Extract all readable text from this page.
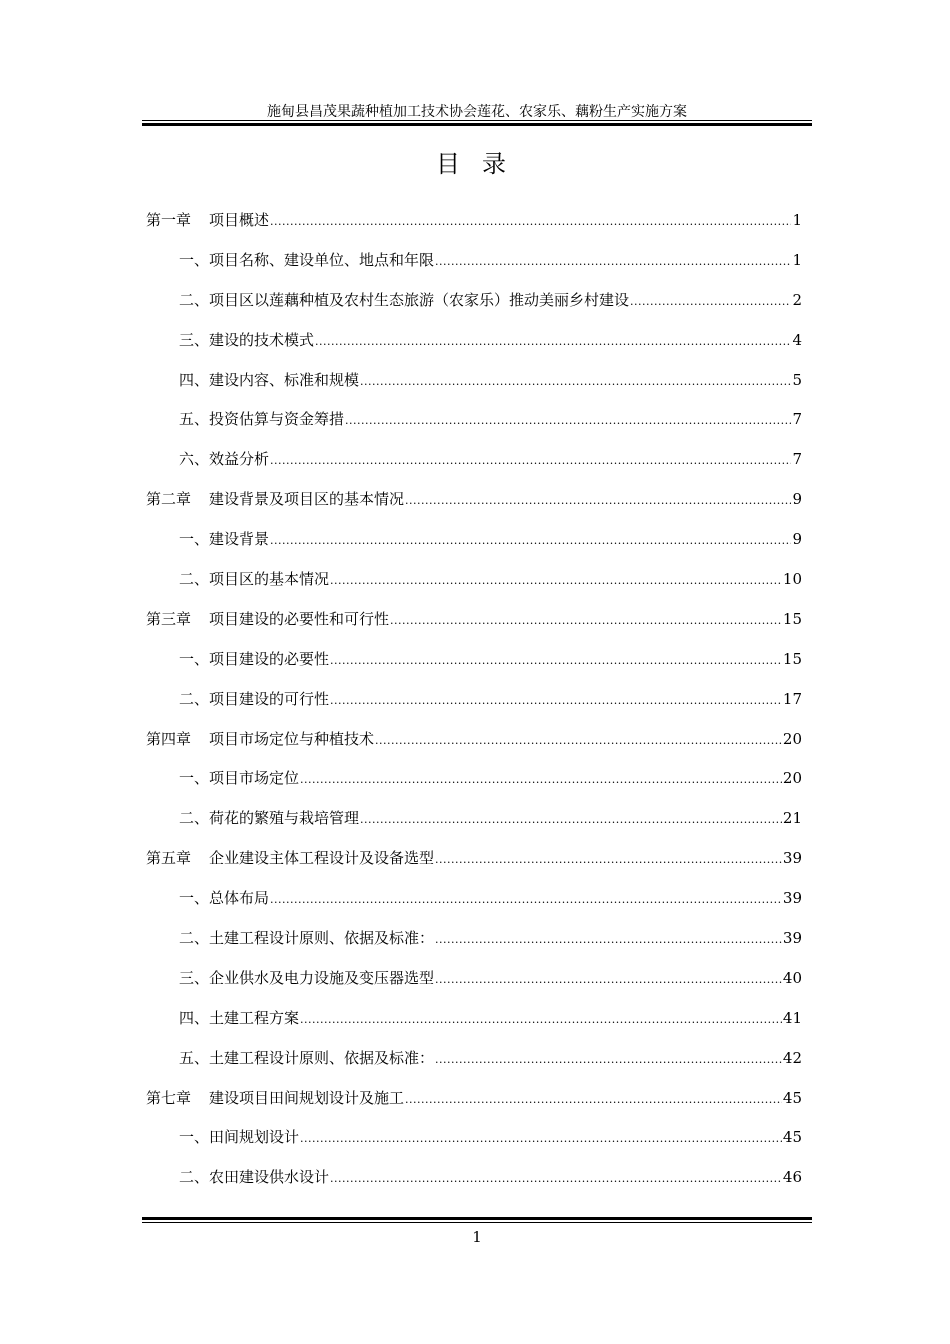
施甸县昌茂果蔬种植加工技术协会莲花、农家乐、藕粉生产实施方案
目录
第一章 项目概述 .....	1
一、项目名称、建设单位、地点和年限 .....	1
二、项目区以莲藕种植及农村生态旅游（农家乐）推动美丽乡村建设 .....	2
三、建设的技术模式 .....	4
四、建设内容、标准和规模 .....	5
五、投资估算与资金筹措 .....	7
六、效益分析 .....	7
第二章 建设背景及项目区的基本情况 .....	9
一、建设背景 .....	9
二、项目区的基本情况 .....	10
第三章 项目建设的必要性和可行性 .....	15
一、项目建设的必要性 .....	15
二、项目建设的可行性 .....	17
第四章 项目市场定位与种植技术 .....	20
一、项目市场定位 .....	20
二、荷花的繁殖与栽培管理 .....	21
第五章 企业建设主体工程设计及设备选型 .....	39
一、总体布局 .....	39
二、土建工程设计原则、依据及标准： .....	39
三、企业供水及电力设施及变压器选型 .....	40
四、土建工程方案 .....	41
五、土建工程设计原则、依据及标准： .....	42
第七章 建设项目田间规划设计及施工 .....	45
一、田间规划设计 .....	45
二、农田建设供水设计 .....	46
1
